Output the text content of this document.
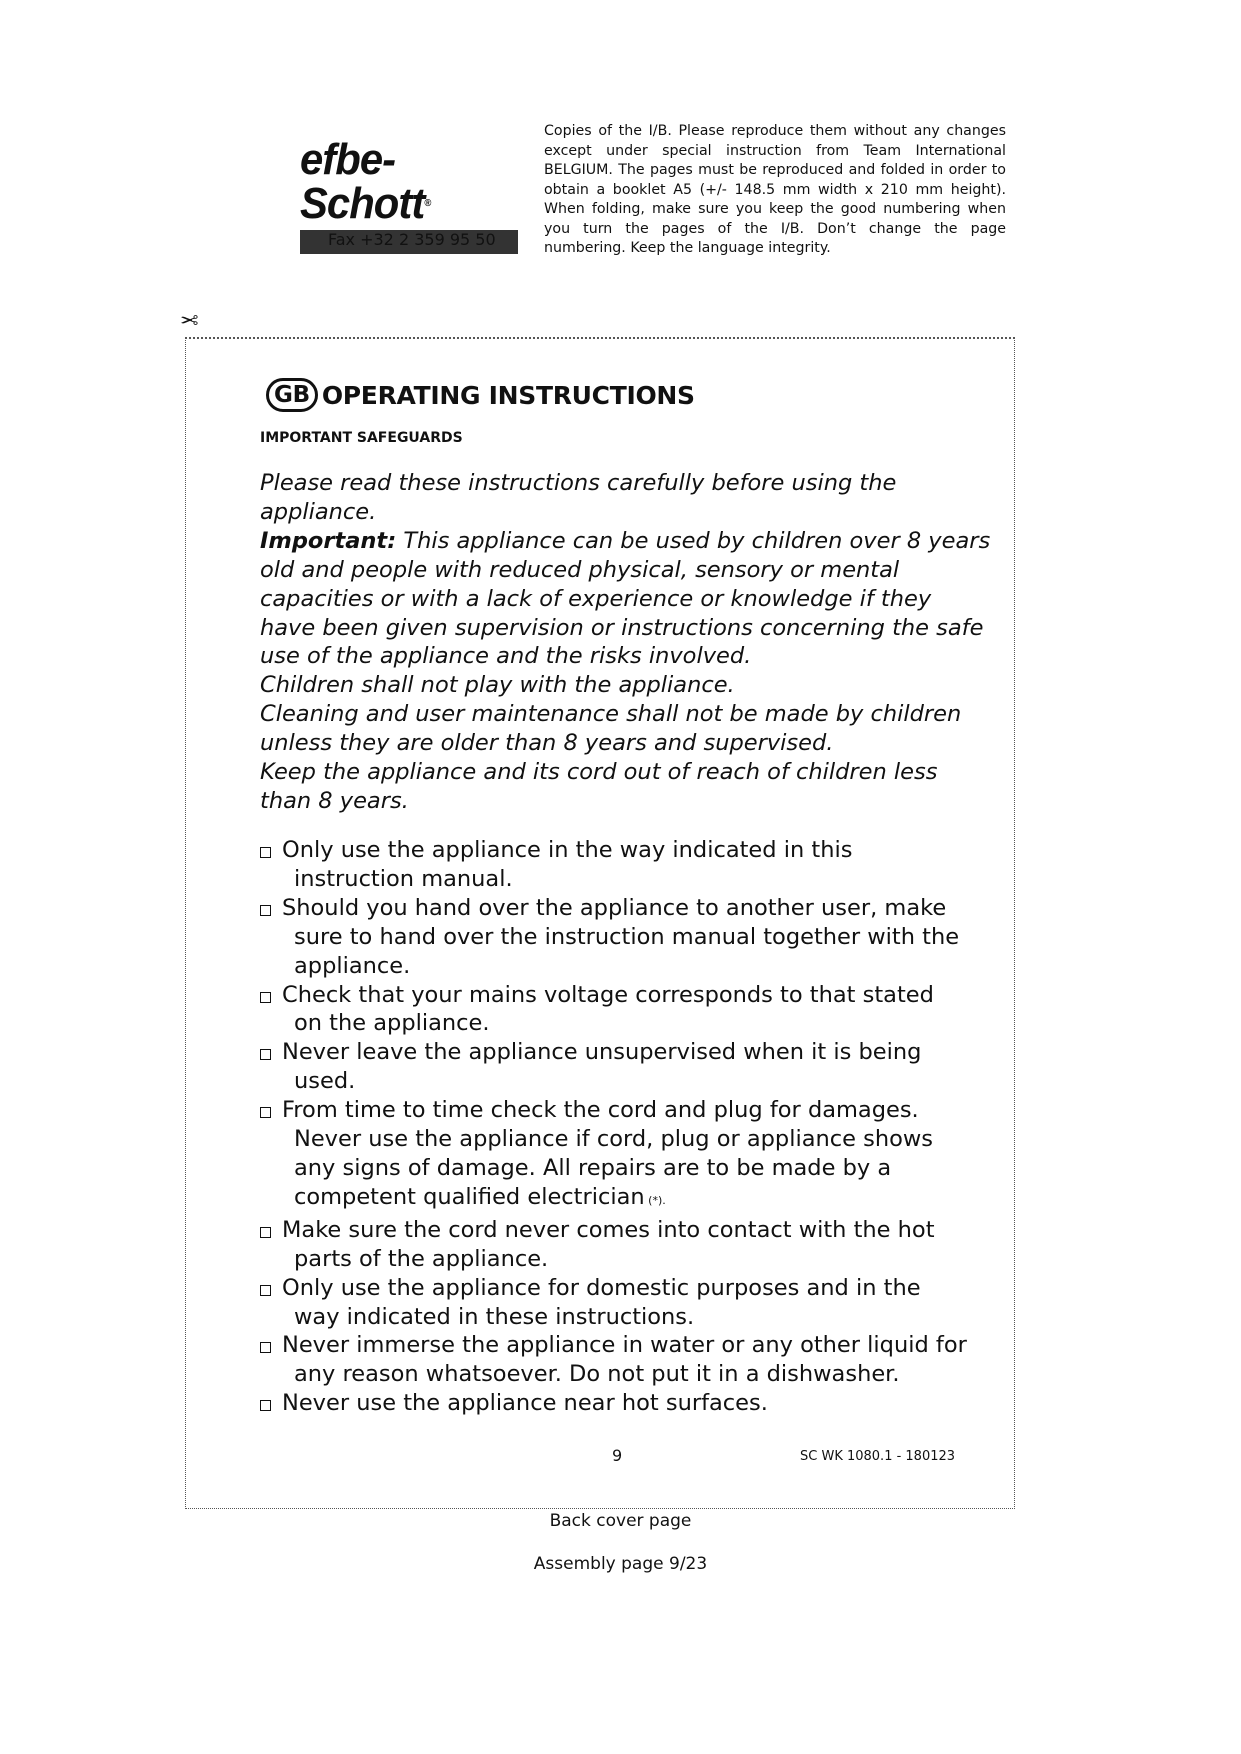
efbe-Schott®
Fax +32 2 359 95 50
Copies of the I/B. Please reproduce them without any changes except under special instruction from Team International BELGIUM. The pages must be reproduced and folded in order to obtain a booklet A5 (+/- 148.5 mm width x 210 mm height). When folding, make sure you keep the good numbering when you turn the pages of the I/B. Don’t change the page numbering. Keep the language integrity.
✂
GB OPERATING INSTRUCTIONS
IMPORTANT SAFEGUARDS
Please read these instructions carefully before using the
appliance.
Important: This appliance can be used by children over 8 years
old and people with reduced physical, sensory or mental
capacities or with a lack of experience or knowledge if they
have been given supervision or instructions concerning the safe
use of the appliance and the risks involved.
Children shall not play with the appliance.
Cleaning and user maintenance shall not be made by children
unless they are older than 8 years and supervised.
Keep the appliance and its cord out of reach of children less
than 8 years.
Only use the appliance in the way indicated in this
instruction manual.
Should you hand over the appliance to another user, make
sure to hand over the instruction manual together with the
appliance.
Check that your mains voltage corresponds to that stated
on the appliance.
Never leave the appliance unsupervised when it is being
used.
From time to time check the cord and plug for damages.
Never use the appliance if cord, plug or appliance shows
any signs of damage. All repairs are to be made by a
competent qualified electrician (*).
Make sure the cord never comes into contact with the hot
parts of the appliance.
Only use the appliance for domestic purposes and in the
way indicated in these instructions.
Never immerse the appliance in water or any other liquid for
any reason whatsoever. Do not put it in a dishwasher.
Never use the appliance near hot surfaces.
9	SC WK 1080.1 - 180123
Back cover page
Assembly page 9/23
